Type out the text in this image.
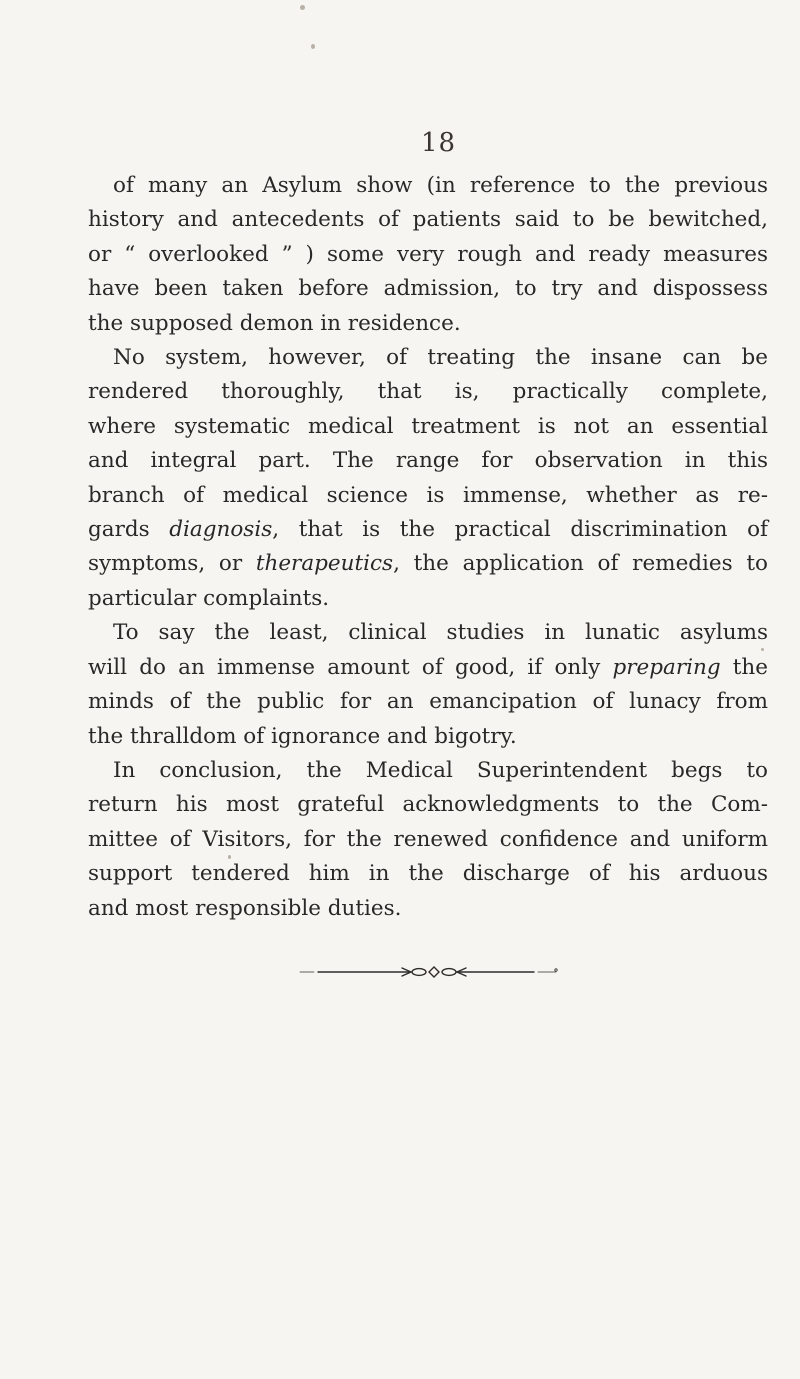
18
of many an Asylum show (in reference to the previous
history and antecedents of patients said to be bewitched,
or “ overlooked ” ) some very rough and ready measures
have been taken before admission, to try and dispossess
the supposed demon in residence.
No system, however, of treating the insane can be
rendered thoroughly, that is, practically complete,
where systematic medical treatment is not an essential
and integral part. The range for observation in this
branch of medical science is immense, whether as re-
gards diagnosis, that is the practical discrimination of
symptoms, or therapeutics, the application of remedies to
particular complaints.
To say the least, clinical studies in lunatic asylums
will do an immense amount of good, if only preparing the
minds of the public for an emancipation of lunacy from
the thralldom of ignorance and bigotry.
In conclusion, the Medical Superintendent begs to
return his most grateful acknowledgments to the Com-
mittee of Visitors, for the renewed confidence and uniform
support tendered him in the discharge of his arduous
and most responsible duties.
